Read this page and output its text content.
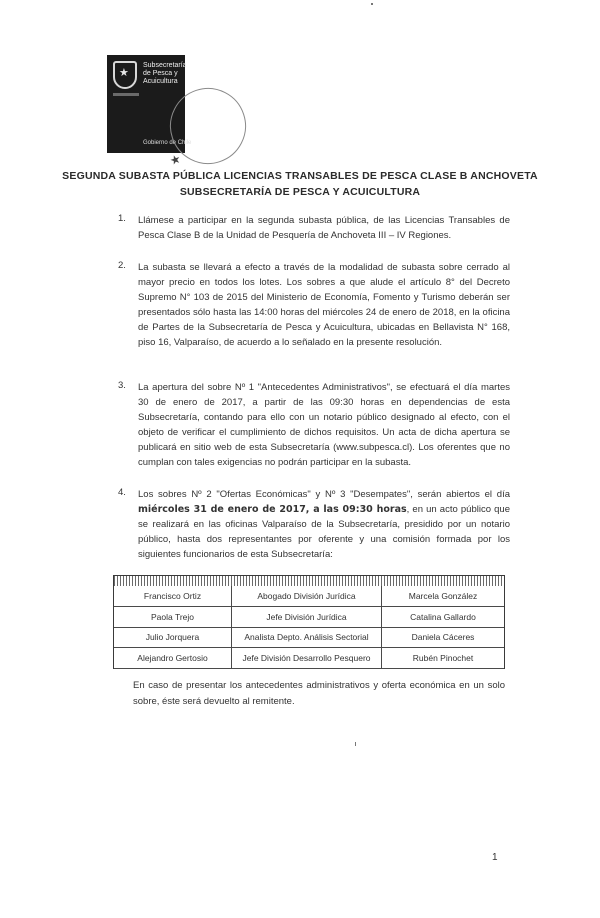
★
Subsecretaría de Pesca y Acuicultura
Gobierno de Chile
★
SEGUNDA SUBASTA PÚBLICA LICENCIAS TRANSABLES DE PESCA CLASE B ANCHOVETA
SUBSECRETARÍA DE PESCA Y ACUICULTURA
1. Llámese a participar en la segunda subasta pública, de las Licencias Transables de Pesca Clase B de la Unidad de Pesquería de Anchoveta III – IV Regiones.
2. La subasta se llevará a efecto a través de la modalidad de subasta sobre cerrado al mayor precio en todos los lotes. Los sobres a que alude el artículo 8° del Decreto Supremo N° 103 de 2015 del Ministerio de Economía, Fomento y Turismo deberán ser presentados sólo hasta las 14:00 horas del miércoles 24 de enero de 2018, en la oficina de Partes de la Subsecretaría de Pesca y Acuicultura, ubicadas en Bellavista N° 168, piso 16, Valparaíso, de acuerdo a lo señalado en la presente resolución.
3. La apertura del sobre Nº 1 "Antecedentes Administrativos", se efectuará el día martes 30 de enero de 2017, a partir de las 09:30 horas en dependencias de esta Subsecretaría, contando para ello con un notario público designado al efecto, con el objeto de verificar el cumplimiento de dichos requisitos. Un acta de dicha apertura se publicará en sitio web de esta Subsecretaría (www.subpesca.cl). Los oferentes que no cumplan con tales exigencias no podrán participar en la subasta.
4. Los sobres Nº 2 "Ofertas Económicas" y Nº 3 "Desempates", serán abiertos el día miércoles 31 de enero de 2017, a las 09:30 horas, en un acto público que se realizará en las oficinas Valparaíso de la Subsecretaría, presidido por un notario público, hasta dos representantes por oferente y una comisión formada por los siguientes funcionarios de esta Subsecretaría:
Francisco Ortiz	Abogado División Jurídica	Marcela González
Paola Trejo	Jefe División Jurídica	Catalina Gallardo
Julio Jorquera	Analista Depto. Análisis Sectorial	Daniela Cáceres
Alejandro Gertosio	Jefe División Desarrollo Pesquero	Rubén Pinochet
En caso de presentar los antecedentes administrativos y oferta económica en un solo sobre, éste será devuelto al remitente.
1
